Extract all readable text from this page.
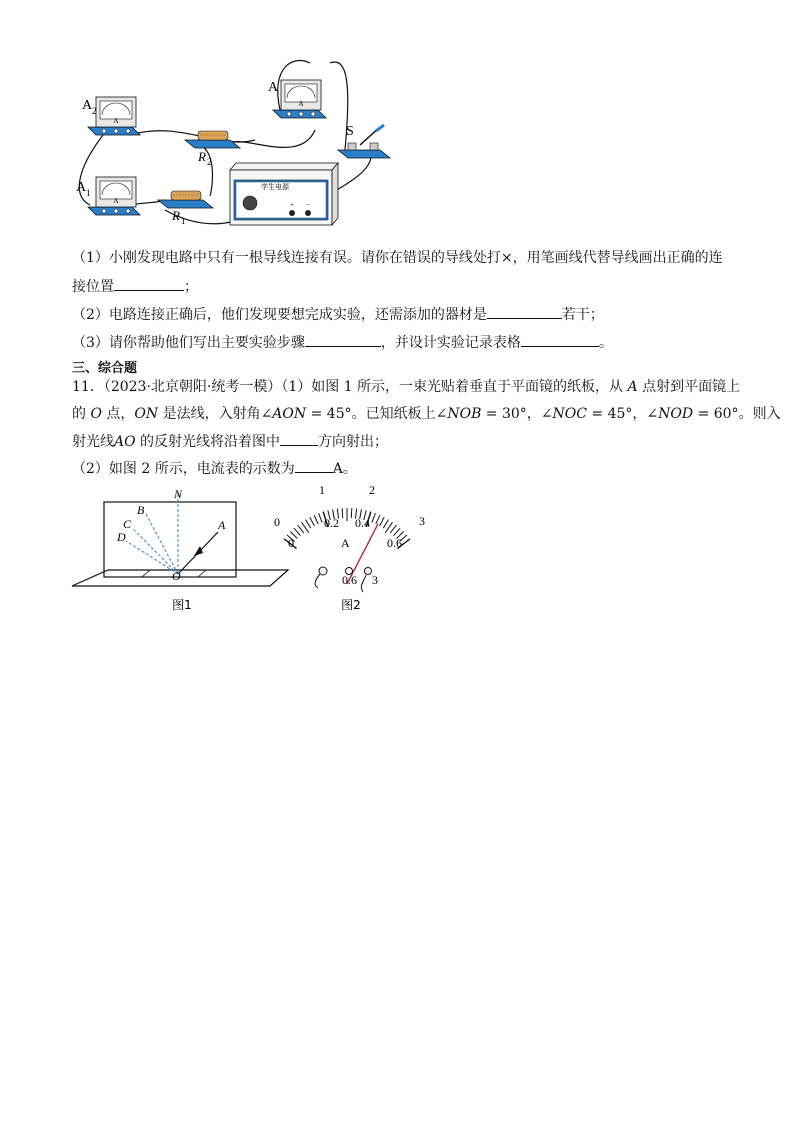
A
A 2
R 2
A
A
S
A
A 1
R 1
学生电源
+ −
（1）小刚发现电路中只有一根导线连接有误。请你在错误的导线处打×，用笔画线代替导线画出正确的连
接位置	；
（2）电路连接正确后，他们发现要想完成实验，还需添加的器材是	若干；
（3）请你帮助他们写出主要实验步骤	，并设计实验记录表格	。
三、综合题
11．（2023·北京朝阳·统考一模）（1）如图 1 所示，一束光贴着垂直于平面镜的纸板，从 A 点射到平面镜上
的 O 点，ON 是法线，入射角∠AON = 45°。已知纸板上∠NOB = 30°，∠NOC = 45°，∠NOD = 60°。则入
射光线AO 的反射光线将沿着图中	方向射出；
（2）如图 2 所示，电流表的示数为	A。
N
A
B
C
D
O
图1
0
1	2
3
0
0.2 0.4
0.6
A
0.6 3
图2
